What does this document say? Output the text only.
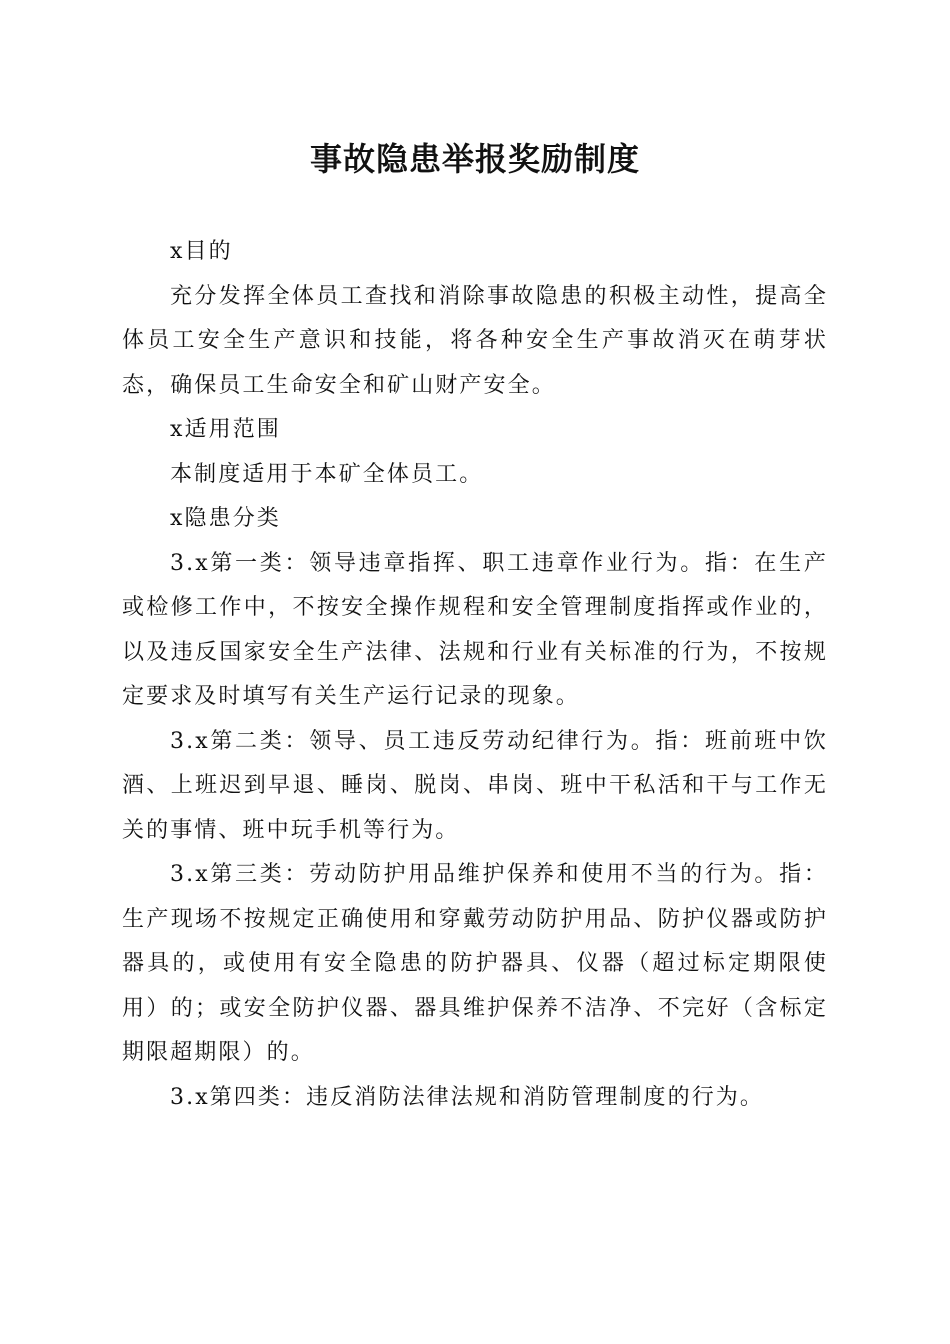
事故隐患举报奖励制度

x目的

充分发挥全体员工查找和消除事故隐患的积极主动性，提高全体员工安全生产意识和技能，将各种安全生产事故消灭在萌芽状态，确保员工生命安全和矿山财产安全。

x适用范围

本制度适用于本矿全体员工。

x隐患分类

3.x第一类：领导违章指挥、职工违章作业行为。指：在生产或检修工作中，不按安全操作规程和安全管理制度指挥或作业的，以及违反国家安全生产法律、法规和行业有关标准的行为，不按规定要求及时填写有关生产运行记录的现象。

3.x第二类：领导、员工违反劳动纪律行为。指：班前班中饮酒、上班迟到早退、睡岗、脱岗、串岗、班中干私活和干与工作无关的事情、班中玩手机等行为。

3.x第三类：劳动防护用品维护保养和使用不当的行为。指：生产现场不按规定正确使用和穿戴劳动防护用品、防护仪器或防护器具的，或使用有安全隐患的防护器具、仪器（超过标定期限使用）的；或安全防护仪器、器具维护保养不洁净、不完好（含标定期限超期限）的。

3.x第四类：违反消防法律法规和消防管理制度的行为。
